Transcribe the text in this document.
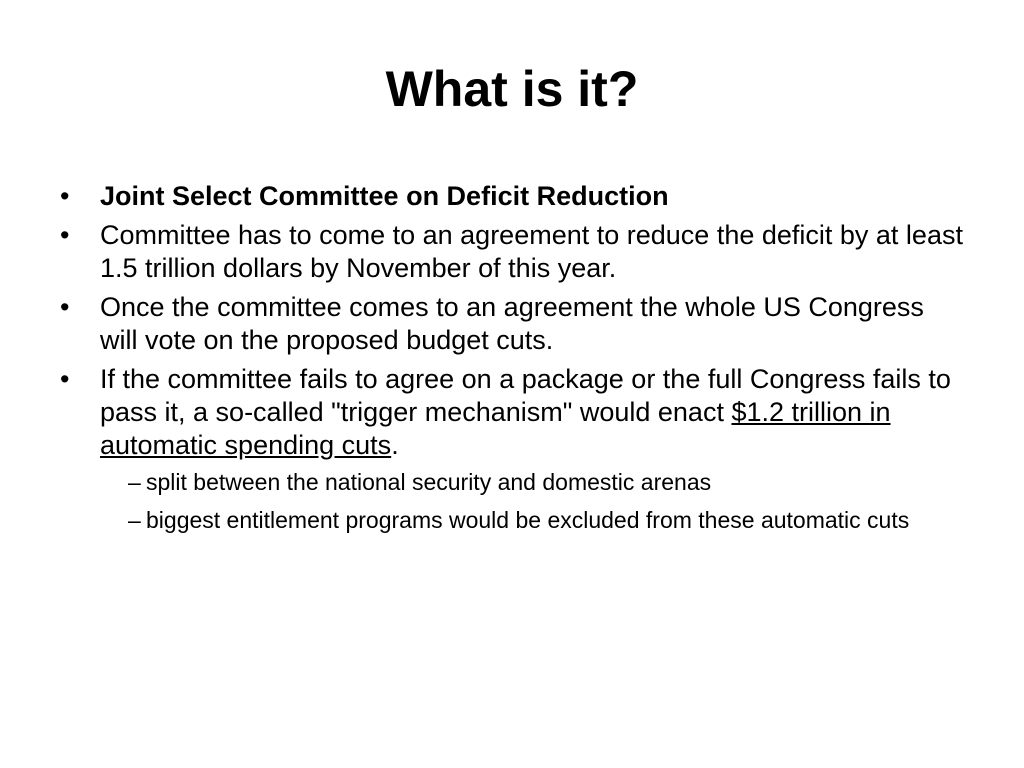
What is it?
•	Joint Select Committee on Deficit Reduction
•	Committee has to come to an agreement to reduce the deficit by at least 1.5 trillion dollars by November of this year.
•	Once the committee comes to an agreement the whole US Congress will vote on the proposed budget cuts.
•	If the committee fails to agree on a package or the full Congress fails to pass it, a so-called "trigger mechanism" would enact $1.2 trillion in automatic spending cuts.
– split between the national security and domestic arenas
– biggest entitlement programs would be excluded from these automatic cuts
